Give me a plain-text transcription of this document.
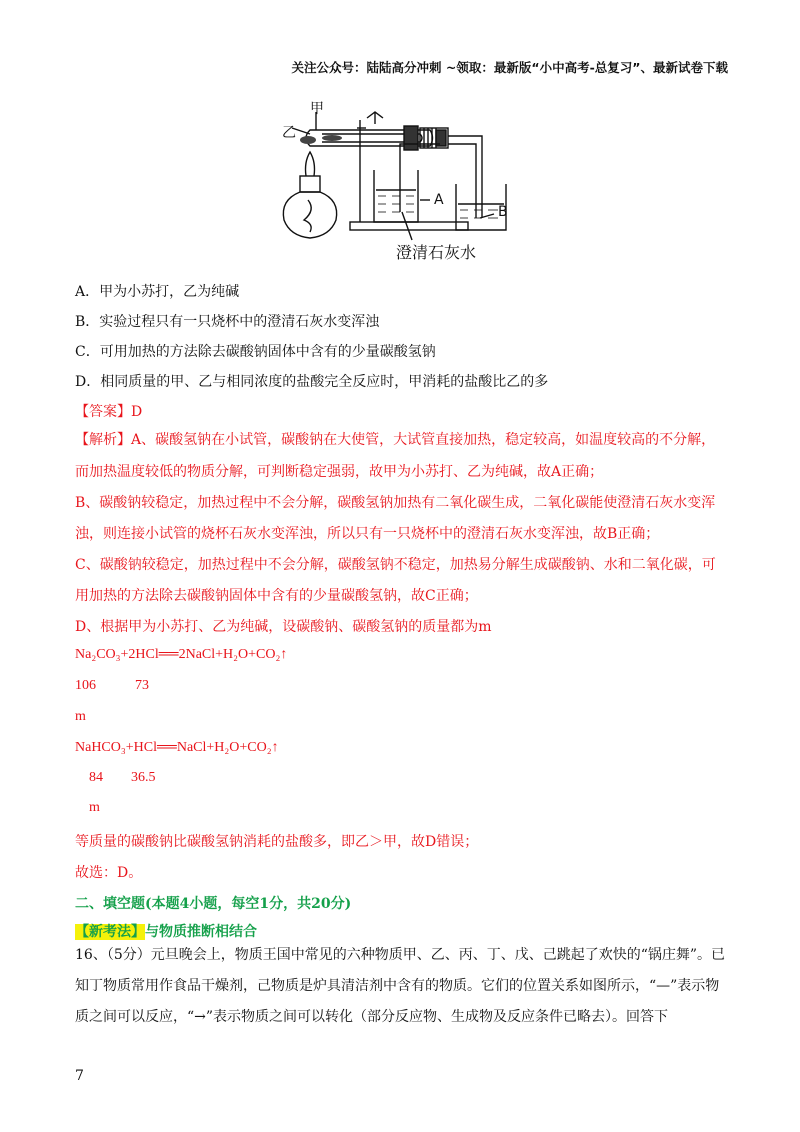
关注公众号：陆陆高分冲刺 ~领取：最新版“小中高考-总复习”、最新试卷下载
甲
乙
A
B
澄清石灰水
A．甲为小苏打，乙为纯碱
B．实验过程只有一只烧杯中的澄清石灰水变浑浊
C．可用加热的方法除去碳酸钠固体中含有的少量碳酸氢钠
D．相同质量的甲、乙与相同浓度的盐酸完全反应时，甲消耗的盐酸比乙的多
【答案】D
【解析】A、碳酸氢钠在小试管，碳酸钠在大使管，大试管直接加热，稳定较高，如温度较高的不分解，
而加热温度较低的物质分解，可判断稳定强弱，故甲为小苏打、乙为纯碱，故A正确；
B、碳酸钠较稳定，加热过程中不会分解，碳酸氢钠加热有二氧化碳生成，二氧化碳能使澄清石灰水变浑
浊，则连接小试管的烧杯石灰水变浑浊，所以只有一只烧杯中的澄清石灰水变浑浊，故B正确；
C、碳酸钠较稳定，加热过程中不会分解，碳酸氢钠不稳定，加热易分解生成碳酸钠、水和二氧化碳，可
用加热的方法除去碳酸钠固体中含有的少量碳酸氢钠，故C正确；
D、根据甲为小苏打、乙为纯碱，设碳酸钠、碳酸氢钠的质量都为m
Na₂CO₃+2HCl══2NaCl+H₂O+CO₂↑
106	73
m
NaHCO₃+HCl══NaCl+H₂O+CO₂↑
84 36.5
m
等质量的碳酸钠比碳酸氢钠消耗的盐酸多，即乙＞甲，故D错误；
故选：D。
二、填空题(本题4小题，每空1分，共20分)
【新考法】与物质推断相结合
16、（5分）元旦晚会上，物质王国中常见的六种物质甲、乙、丙、丁、戊、己跳起了欢快的“锅庄舞”。已知丁物质常用作食品干燥剂，己物质是炉具清洁剂中含有的物质。它们的位置关系如图所示，“—”表示物质之间可以反应，“→”表示物质之间可以转化（部分反应物、生成物及反应条件已略去）。回答下
7
